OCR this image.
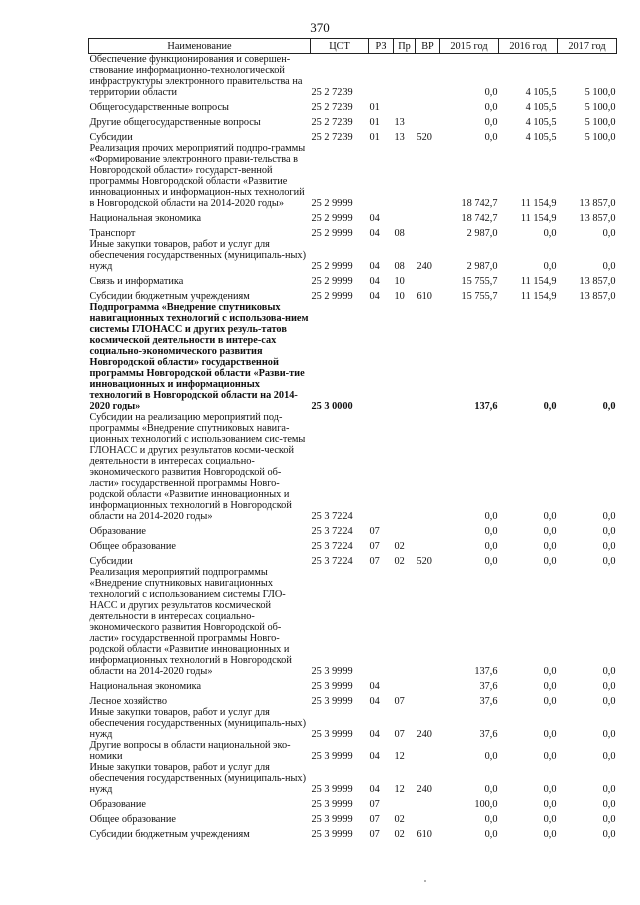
370
Наименование	ЦСТ	РЗ	Пр	ВР	2015 год	2016 год	2017 год
Обеспечение функционирования и совершен-ствование информационно-технологической инфраструктуры электронного правительства на территории области	25 2 7239				0,0	4 105,5	5 100,0
Общегосударственные вопросы	25 2 7239	01			0,0	4 105,5	5 100,0
Другие общегосударственные вопросы	25 2 7239	01	13		0,0	4 105,5	5 100,0
Субсидии	25 2 7239	01	13	520	0,0	4 105,5	5 100,0
Реализация прочих мероприятий подпро-граммы «Формирование электронного прави-тельства в Новгородской области» государст-венной программы Новгородской области «Развитие инновационных и информацион-ных технологий в Новгородской области на 2014-2020 годы»	25 2 9999				18 742,7	11 154,9	13 857,0
Национальная экономика	25 2 9999	04			18 742,7	11 154,9	13 857,0
Транспорт	25 2 9999	04	08		2 987,0	0,0	0,0
Иные закупки товаров, работ и услуг для обеспечения государственных (муниципаль-ных) нужд	25 2 9999	04	08	240	2 987,0	0,0	0,0
Связь и информатика	25 2 9999	04	10		15 755,7	11 154,9	13 857,0
Субсидии бюджетным учреждениям	25 2 9999	04	10	610	15 755,7	11 154,9	13 857,0
Подпрограмма «Внедрение спутниковых навигационных технологий с использова-нием системы ГЛОНАСС и других резуль-татов космической деятельности в интере-сах социально-экономического развития Новгородской области» государственной программы Новгородской области «Разви-тие инновационных и информационных технологий в Новгородской области на 2014-2020 годы»	25 3 0000				137,6	0,0	0,0
Субсидии на реализацию мероприятий под-программы «Внедрение спутниковых навига-ционных технологий с использованием сис-темы ГЛОНАСС и других результатов косми-ческой деятельности в интересах социально-экономического развития Новгородской об-ласти» государственной программы Новго-родской области «Развитие инновационных и информационных технологий в Новгородской области на 2014-2020 годы»	25 3 7224				0,0	0,0	0,0
Образование	25 3 7224	07			0,0	0,0	0,0
Общее образование	25 3 7224	07	02		0,0	0,0	0,0
Субсидии	25 3 7224	07	02	520	0,0	0,0	0,0
Реализация мероприятий подпрограммы «Внедрение спутниковых навигационных технологий с использованием системы ГЛО-НАСС и других результатов космической деятельности в интересах социально-экономического развития Новгородской об-ласти» государственной программы Новго-родской области «Развитие инновационных и информационных технологий в Новгородской области на 2014-2020 годы»	25 3 9999				137,6	0,0	0,0
Национальная экономика	25 3 9999	04			37,6	0,0	0,0
Лесное хозяйство	25 3 9999	04	07		37,6	0,0	0,0
Иные закупки товаров, работ и услуг для обеспечения государственных (муниципаль-ных) нужд	25 3 9999	04	07	240	37,6	0,0	0,0
Другие вопросы в области национальной эко-номики	25 3 9999	04	12		0,0	0,0	0,0
Иные закупки товаров, работ и услуг для обеспечения государственных (муниципаль-ных) нужд	25 3 9999	04	12	240	0,0	0,0	0,0
Образование	25 3 9999	07			100,0	0,0	0,0
Общее образование	25 3 9999	07	02		0,0	0,0	0,0
Субсидии бюджетным учреждениям	25 3 9999	07	02	610	0,0	0,0	0,0
